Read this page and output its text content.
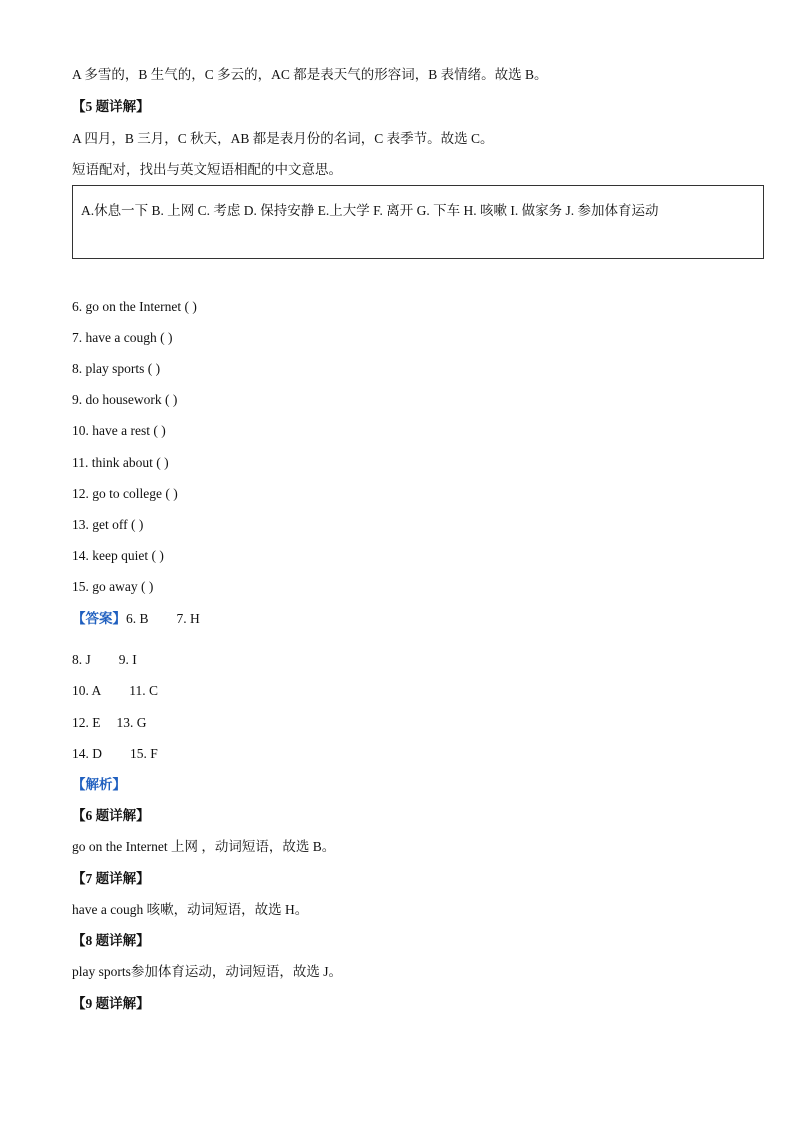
A 多雪的，B 生气的，C 多云的，AC 都是表天气的形容词，B 表情绪。故选 B。
【5 题详解】
A 四月，B 三月，C 秋天，AB 都是表月份的名词，C 表季节。故选 C。
短语配对，找出与英文短语相配的中文意思。
A.休息一下 B. 上网 C. 考虑 D. 保持安静 E.上大学 F. 离开 G. 下车 H. 咳嗽 I. 做家务 J. 参加体育运动
6. go on the Internet ( )
7. have a cough ( )
8. play sports ( )
9. do housework ( )
10. have a rest ( )
11. think about ( )
12. go to college ( )
13. get off ( )
14. keep quiet ( )
15. go away ( )
【答案】6. B 7. H
8. J 9. I
10. A 11. C
12. E 13. G
14. D 15. F
【解析】
【6 题详解】
go on the Internet 上网 ，动词短语，故选 B。
【7 题详解】
have a cough 咳嗽，动词短语，故选 H。
【8 题详解】
play sports参加体育运动，动词短语，故选 J。
【9 题详解】
